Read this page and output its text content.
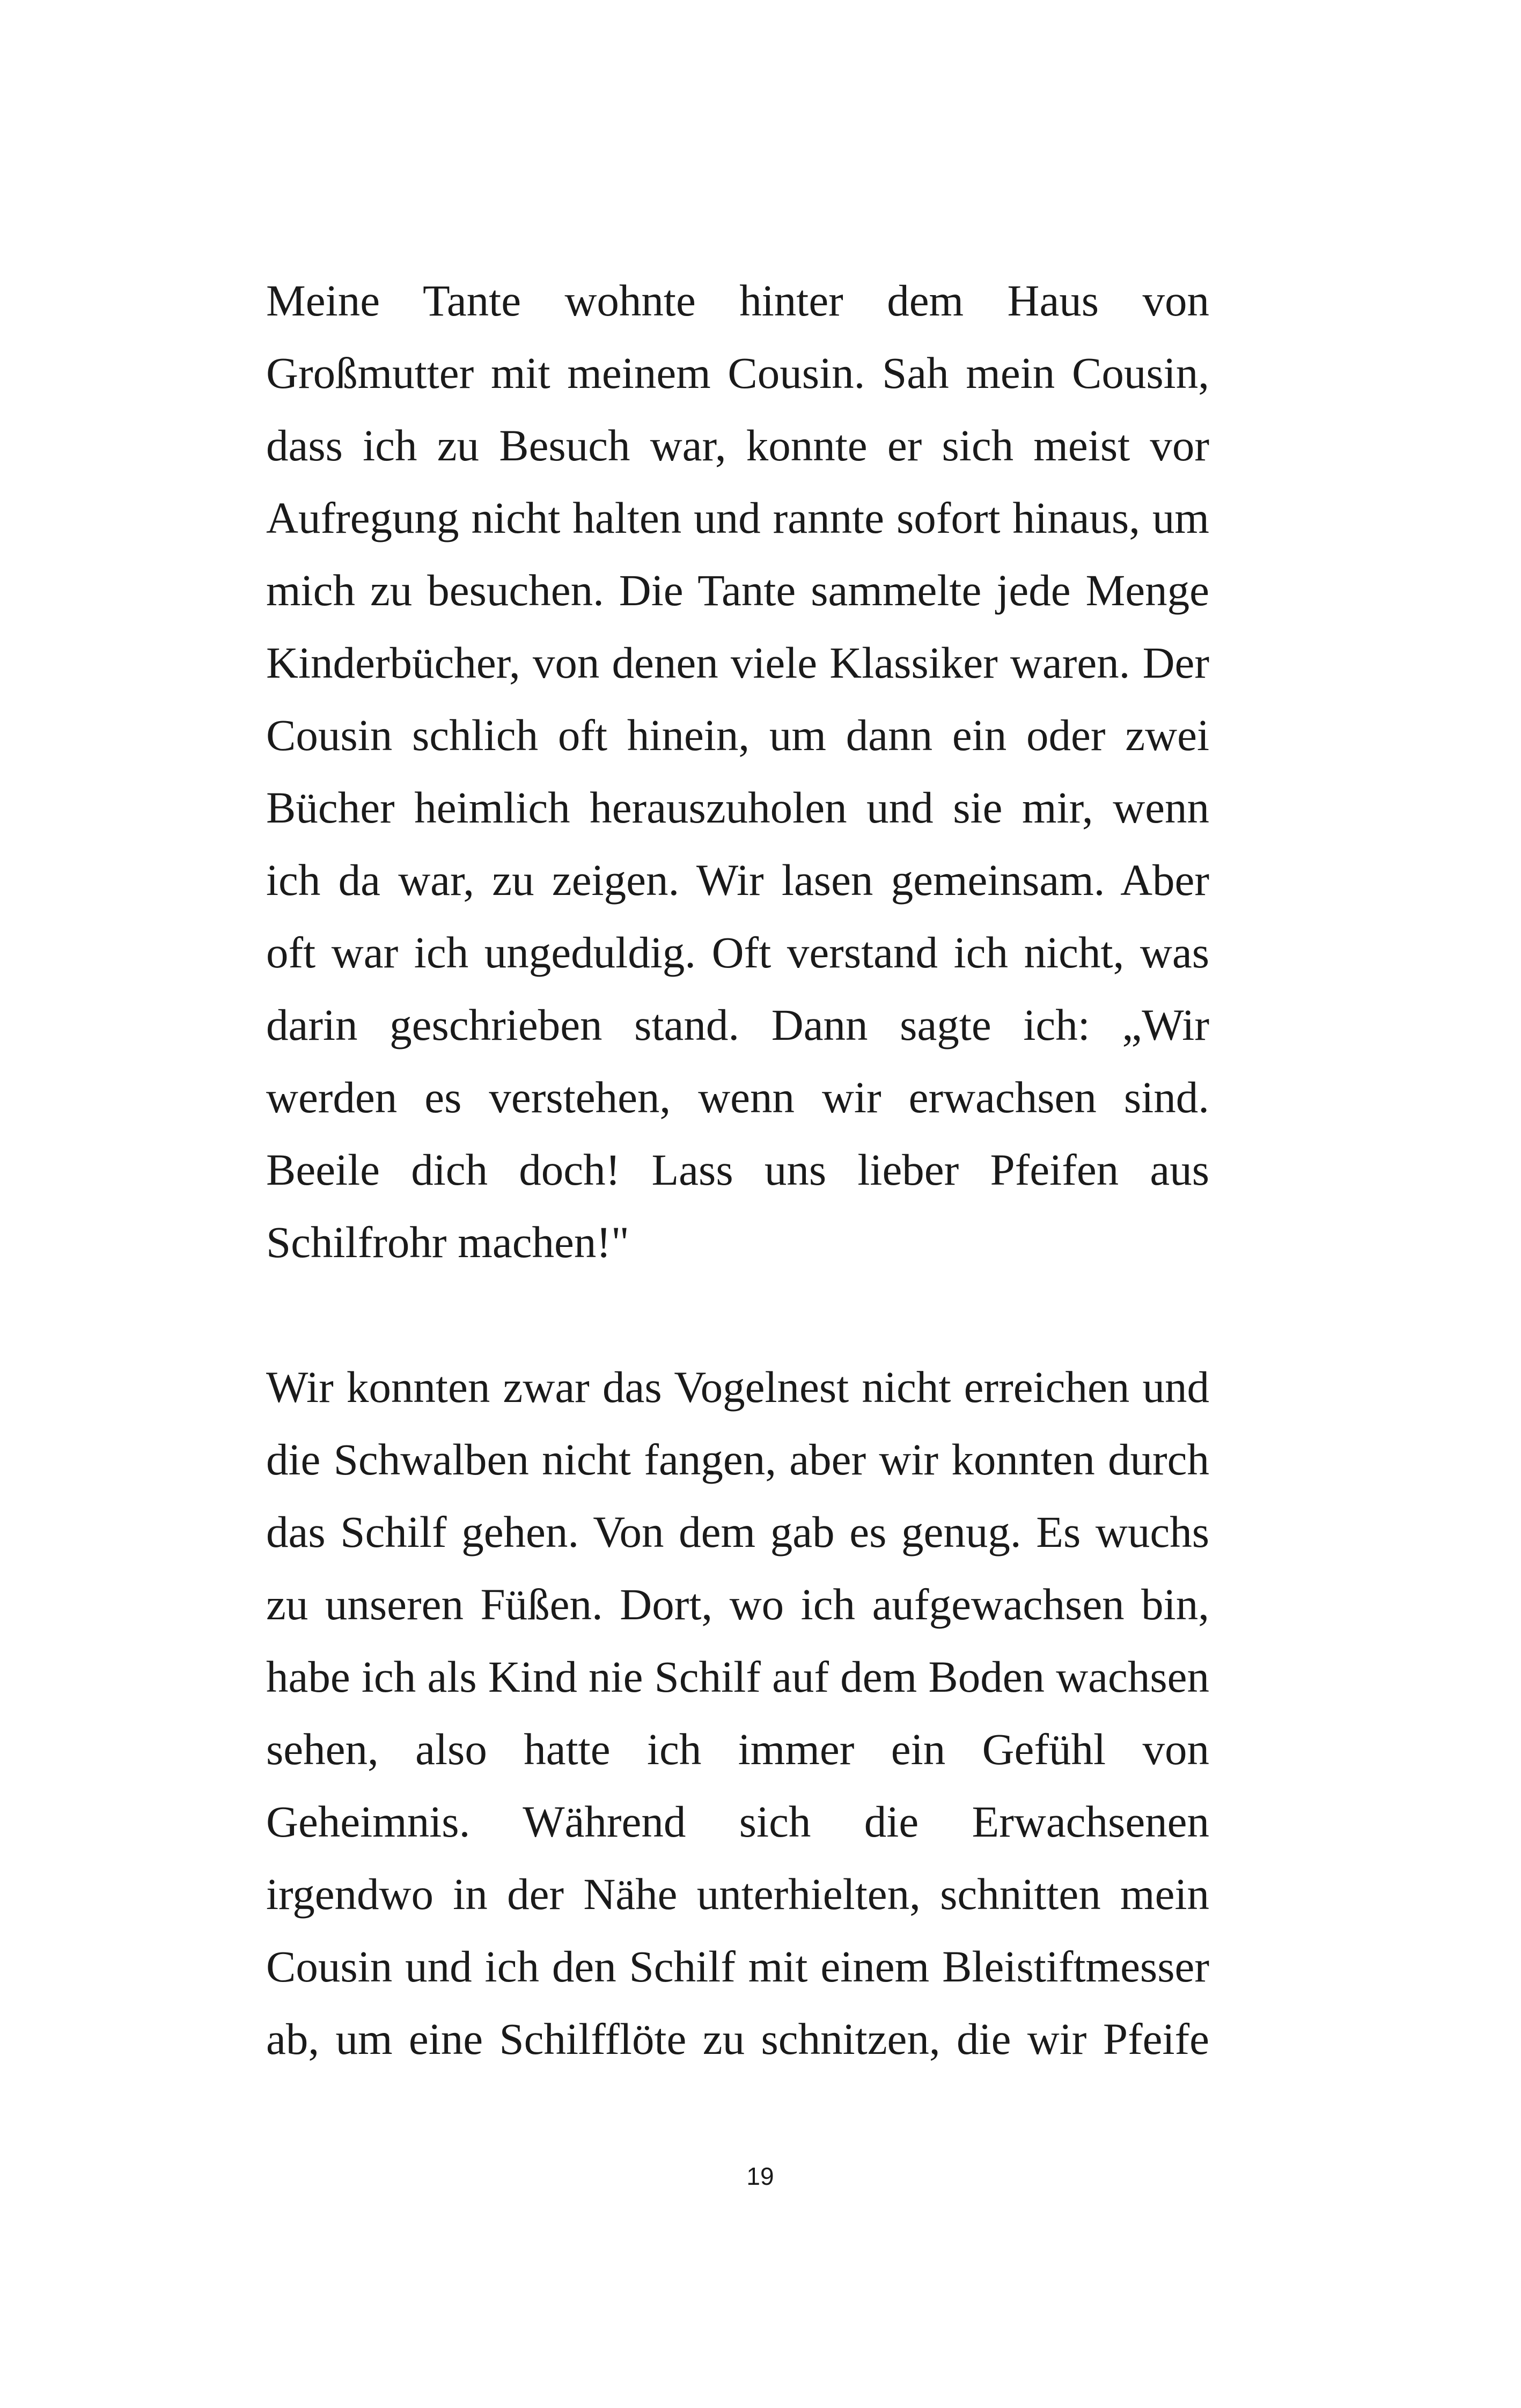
Meine Tante wohnte hinter dem Haus von
Großmutter mit meinem Cousin. Sah mein Cousin,
dass ich zu Besuch war, konnte er sich meist vor
Aufregung nicht halten und rannte sofort hinaus, um
mich zu besuchen. Die Tante sammelte jede Menge
Kinderbücher, von denen viele Klassiker waren. Der
Cousin schlich oft hinein, um dann ein oder zwei
Bücher heimlich herauszuholen und sie mir, wenn
ich da war, zu zeigen. Wir lasen gemeinsam. Aber
oft war ich ungeduldig. Oft verstand ich nicht, was
darin geschrieben stand. Dann sagte ich: „Wir
werden es verstehen, wenn wir erwachsen sind.
Beeile dich doch! Lass uns lieber Pfeifen aus
Schilfrohr machen!"
Wir konnten zwar das Vogelnest nicht erreichen und
die Schwalben nicht fangen, aber wir konnten durch
das Schilf gehen. Von dem gab es genug. Es wuchs
zu unseren Füßen. Dort, wo ich aufgewachsen bin,
habe ich als Kind nie Schilf auf dem Boden wachsen
sehen, also hatte ich immer ein Gefühl von
Geheimnis. Während sich die Erwachsenen
irgendwo in der Nähe unterhielten, schnitten mein
Cousin und ich den Schilf mit einem Bleistiftmesser
ab, um eine Schilfflöte zu schnitzen, die wir Pfeife
19
